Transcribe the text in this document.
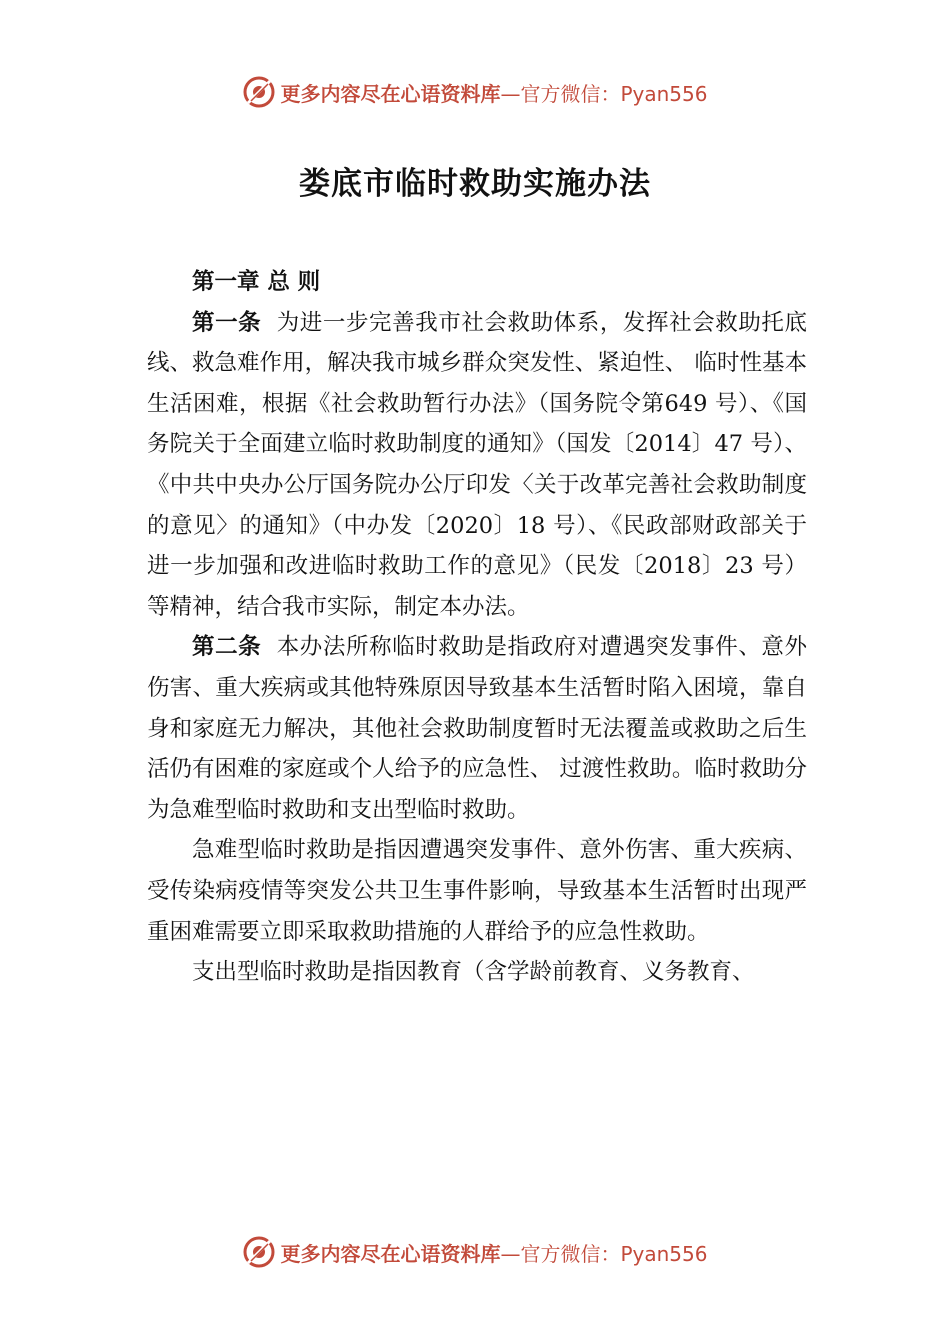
更多内容尽在心语资料库—官方微信：Pyan556
娄底市临时救助实施办法
第一章 总 则

第一条 为进一步完善我市社会救助体系，发挥社会救助托底线、救急难作用，解决我市城乡群众突发性、紧迫性、 临时性基本生活困难，根据《社会救助暂行办法》（国务院令第649 号）、《国务院关于全面建立临时救助制度的通知》（国发〔2014〕47 号）、《中共中央办公厅国务院办公厅印发〈关于改革完善社会救助制度的意见〉的通知》（中办发〔2020〕18 号）、《民政部财政部关于进一步加强和改进临时救助工作的意见》（民发〔2018〕23 号）等精神，结合我市实际，制定本办法。

第二条 本办法所称临时救助是指政府对遭遇突发事件、意外伤害、重大疾病或其他特殊原因导致基本生活暂时陷入困境，靠自身和家庭无力解决，其他社会救助制度暂时无法覆盖或救助之后生活仍有困难的家庭或个人给予的应急性、 过渡性救助。临时救助分为急难型临时救助和支出型临时救助。

急难型临时救助是指因遭遇突发事件、意外伤害、重大疾病、受传染病疫情等突发公共卫生事件影响，导致基本生活暂时出现严重困难需要立即采取救助措施的人群给予的应急性救助。

支出型临时救助是指因教育（含学龄前教育、义务教育、

更多内容尽在心语资料库—官方微信：Pyan556
